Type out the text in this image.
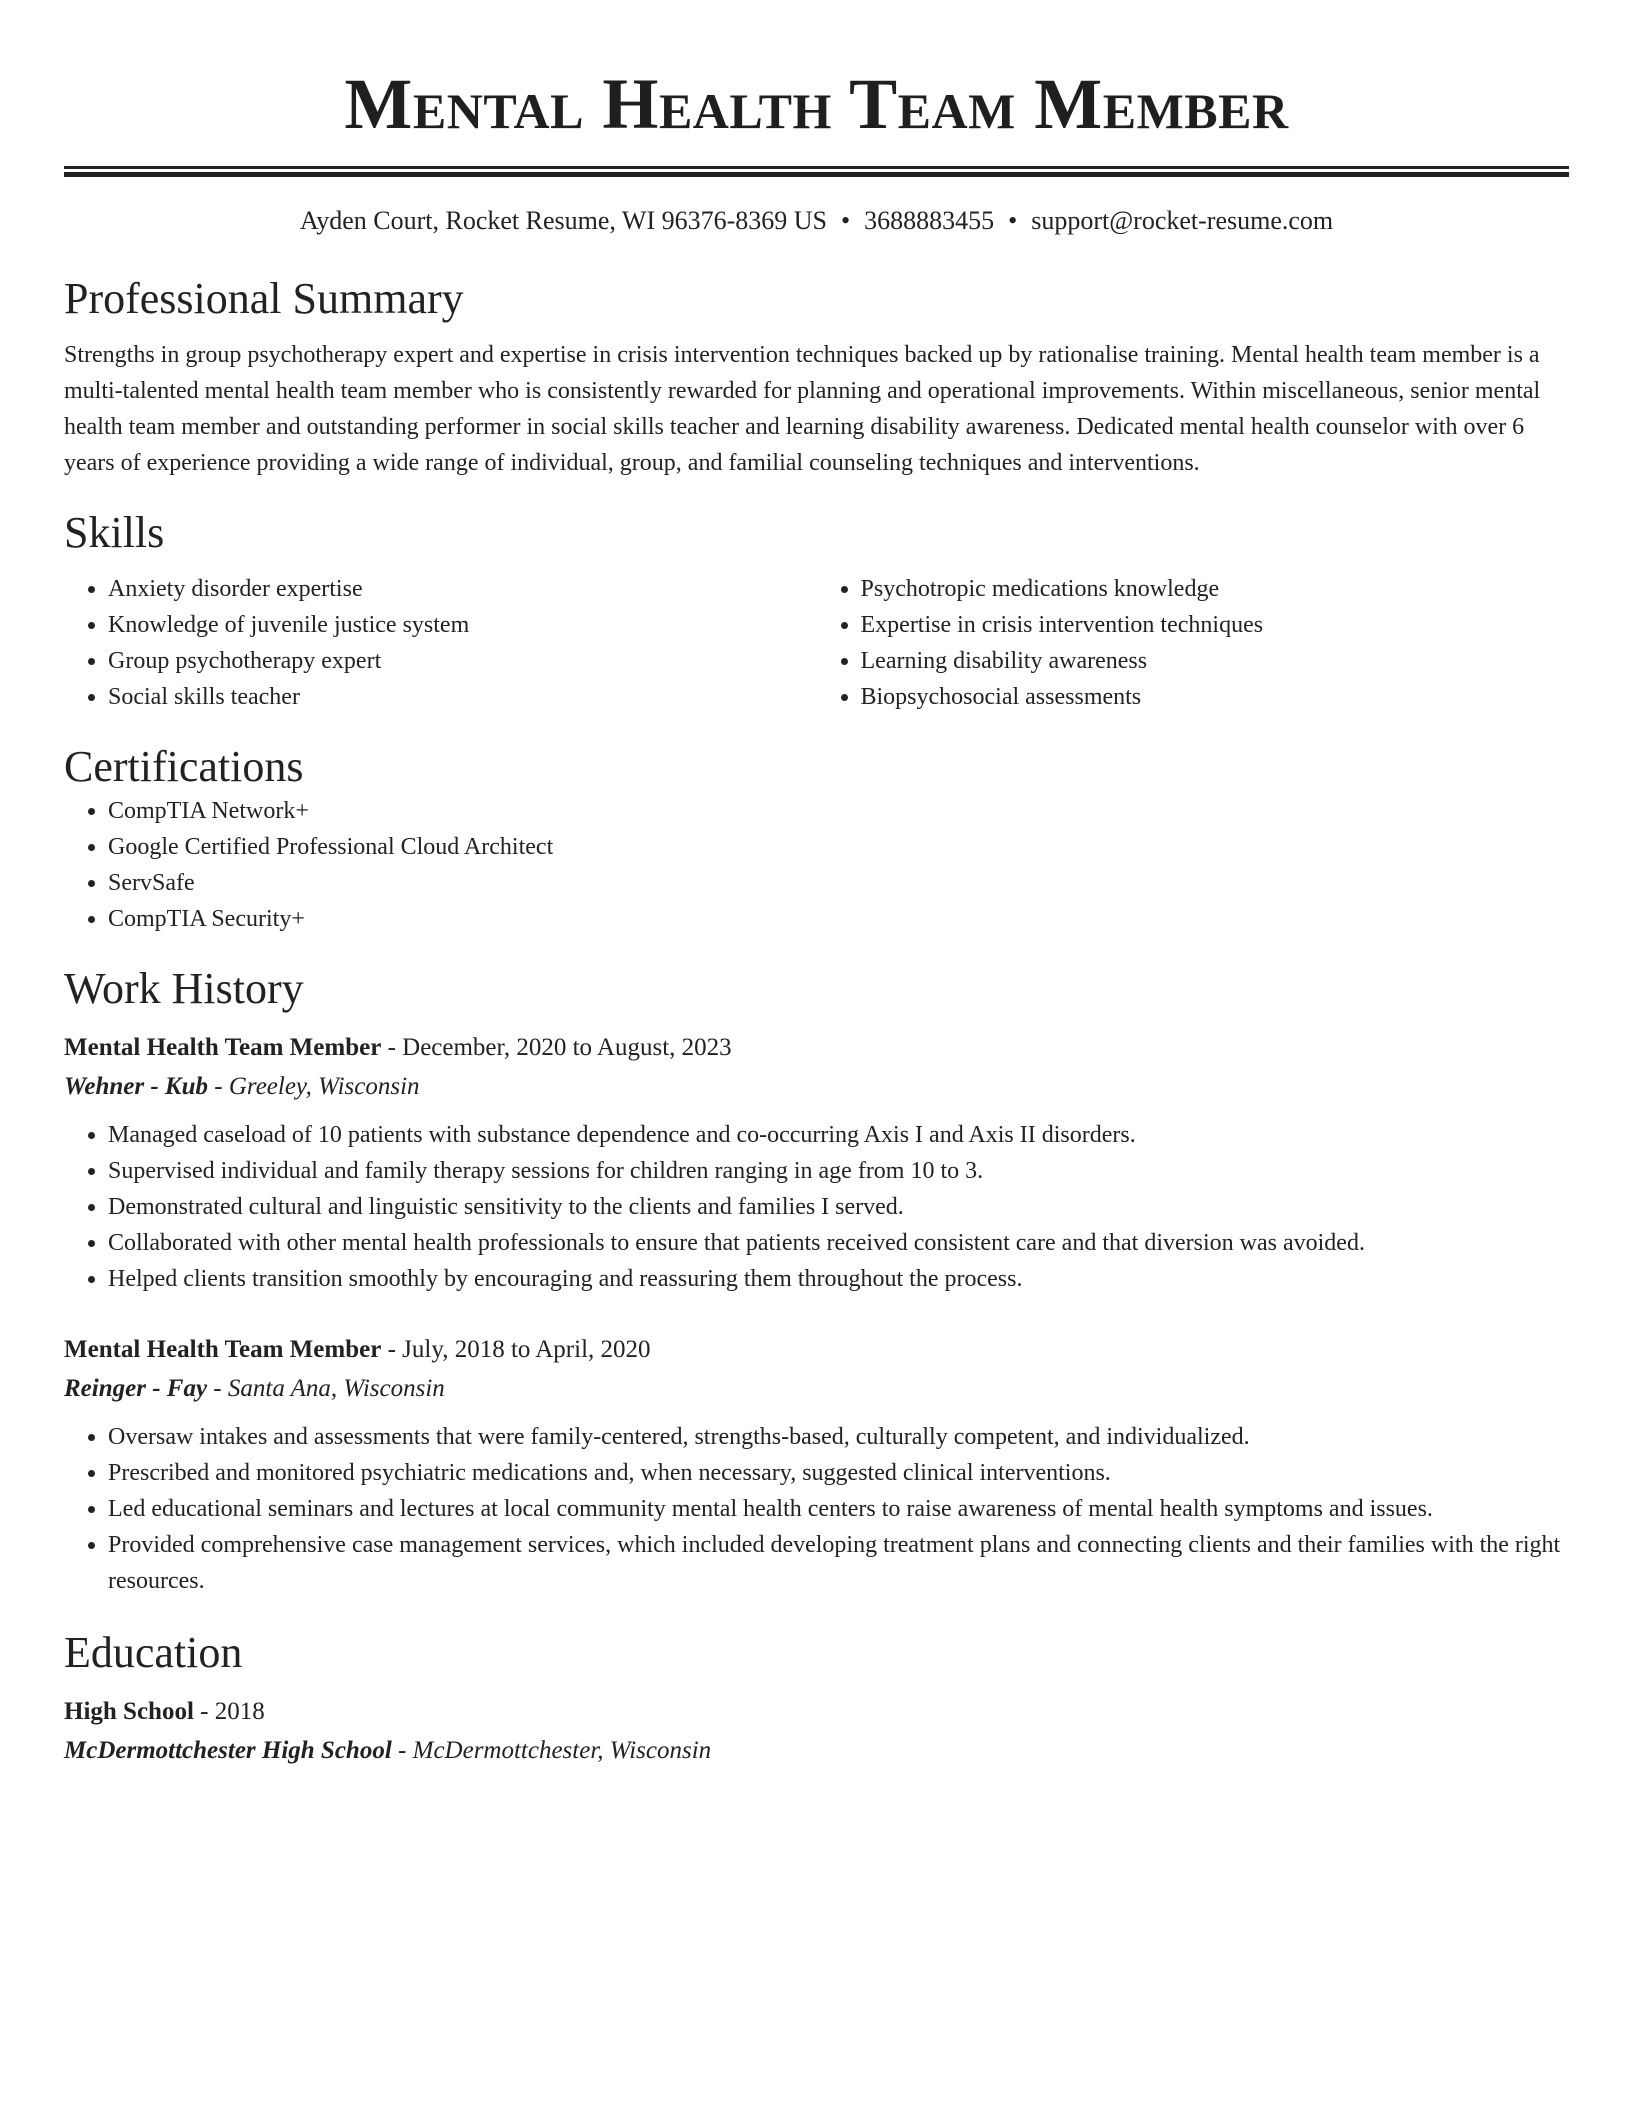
Mental Health Team Member
Ayden Court, Rocket Resume, WI 96376-8369 US • 3688883455 • support@rocket-resume.com
Professional Summary

Strengths in group psychotherapy expert and expertise in crisis intervention techniques backed up by rationalise training. Mental health team member is a multi-talented mental health team member who is consistently rewarded for planning and operational improvements. Within miscellaneous, senior mental health team member and outstanding performer in social skills teacher and learning disability awareness. Dedicated mental health counselor with over 6 years of experience providing a wide range of individual, group, and familial counseling techniques and interventions.

Skills
• Anxiety disorder expertise
• Knowledge of juvenile justice system
• Group psychotherapy expert
• Social skills teacher
• Psychotropic medications knowledge
• Expertise in crisis intervention techniques
• Learning disability awareness
• Biopsychosocial assessments
Certifications
• CompTIA Network+
• Google Certified Professional Cloud Architect
• ServSafe
• CompTIA Security+
Work History
Mental Health Team Member - December, 2020 to August, 2023
Wehner - Kub - Greeley, Wisconsin
• Managed caseload of 10 patients with substance dependence and co-occurring Axis I and Axis II disorders.
• Supervised individual and family therapy sessions for children ranging in age from 10 to 3.
• Demonstrated cultural and linguistic sensitivity to the clients and families I served.
• Collaborated with other mental health professionals to ensure that patients received consistent care and that diversion was avoided.
• Helped clients transition smoothly by encouraging and reassuring them throughout the process.
Mental Health Team Member - July, 2018 to April, 2020
Reinger - Fay - Santa Ana, Wisconsin
• Oversaw intakes and assessments that were family-centered, strengths-based, culturally competent, and individualized.
• Prescribed and monitored psychiatric medications and, when necessary, suggested clinical interventions.
• Led educational seminars and lectures at local community mental health centers to raise awareness of mental health symptoms and issues.
• Provided comprehensive case management services, which included developing treatment plans and connecting clients and their families with the right resources.
Education
High School - 2018
McDermottchester High School - McDermottchester, Wisconsin
